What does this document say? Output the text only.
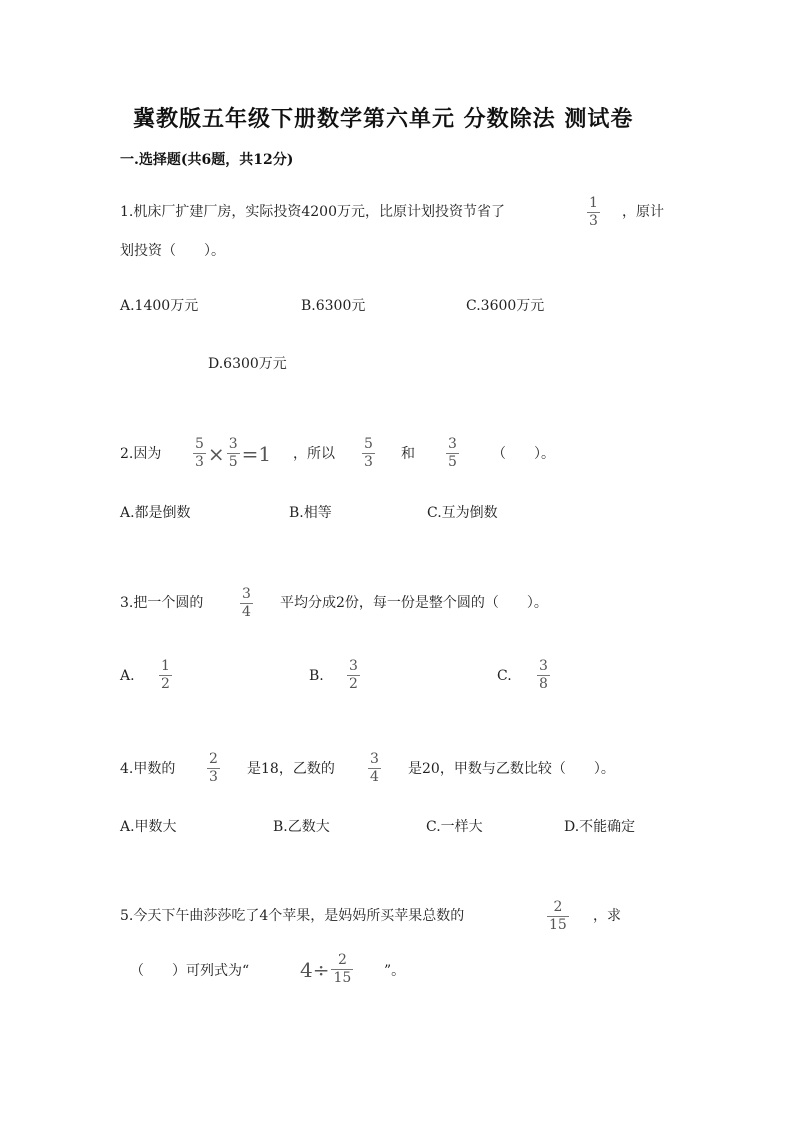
冀教版五年级下册数学第六单元 分数除法 测试卷
一.选择题(共6题，共12分)
1.机床厂扩建厂房，实际投资4200万元，比原计划投资节省了
1
3
，原计
划投资（　　）。
A.1400万元	B.6300元	C.3600万元
D.6300万元
2.因为 $\frac{5}{3} \times \frac{3}{5} =1$ ，所以
5
3 和
3
5	（　　）。
A.都是倒数	B.相等	C.互为倒数
3.把一个圆的
3
4
平均分成2份，每一份是整个圆的（　　）。
A.
1
2	B.
3
2	C.
3
8
4.甲数的
2
3 是18，乙数的
3
4 是20，甲数与乙数比较（　　）。
A.甲数大	B.乙数大	C.一样大	D.不能确定
5.今天下午曲莎莎吃了4个苹果，是妈妈所买苹果总数的
2
15
，求
（　　）可列式为“	$4\div \frac{2}{15}$ ”。
